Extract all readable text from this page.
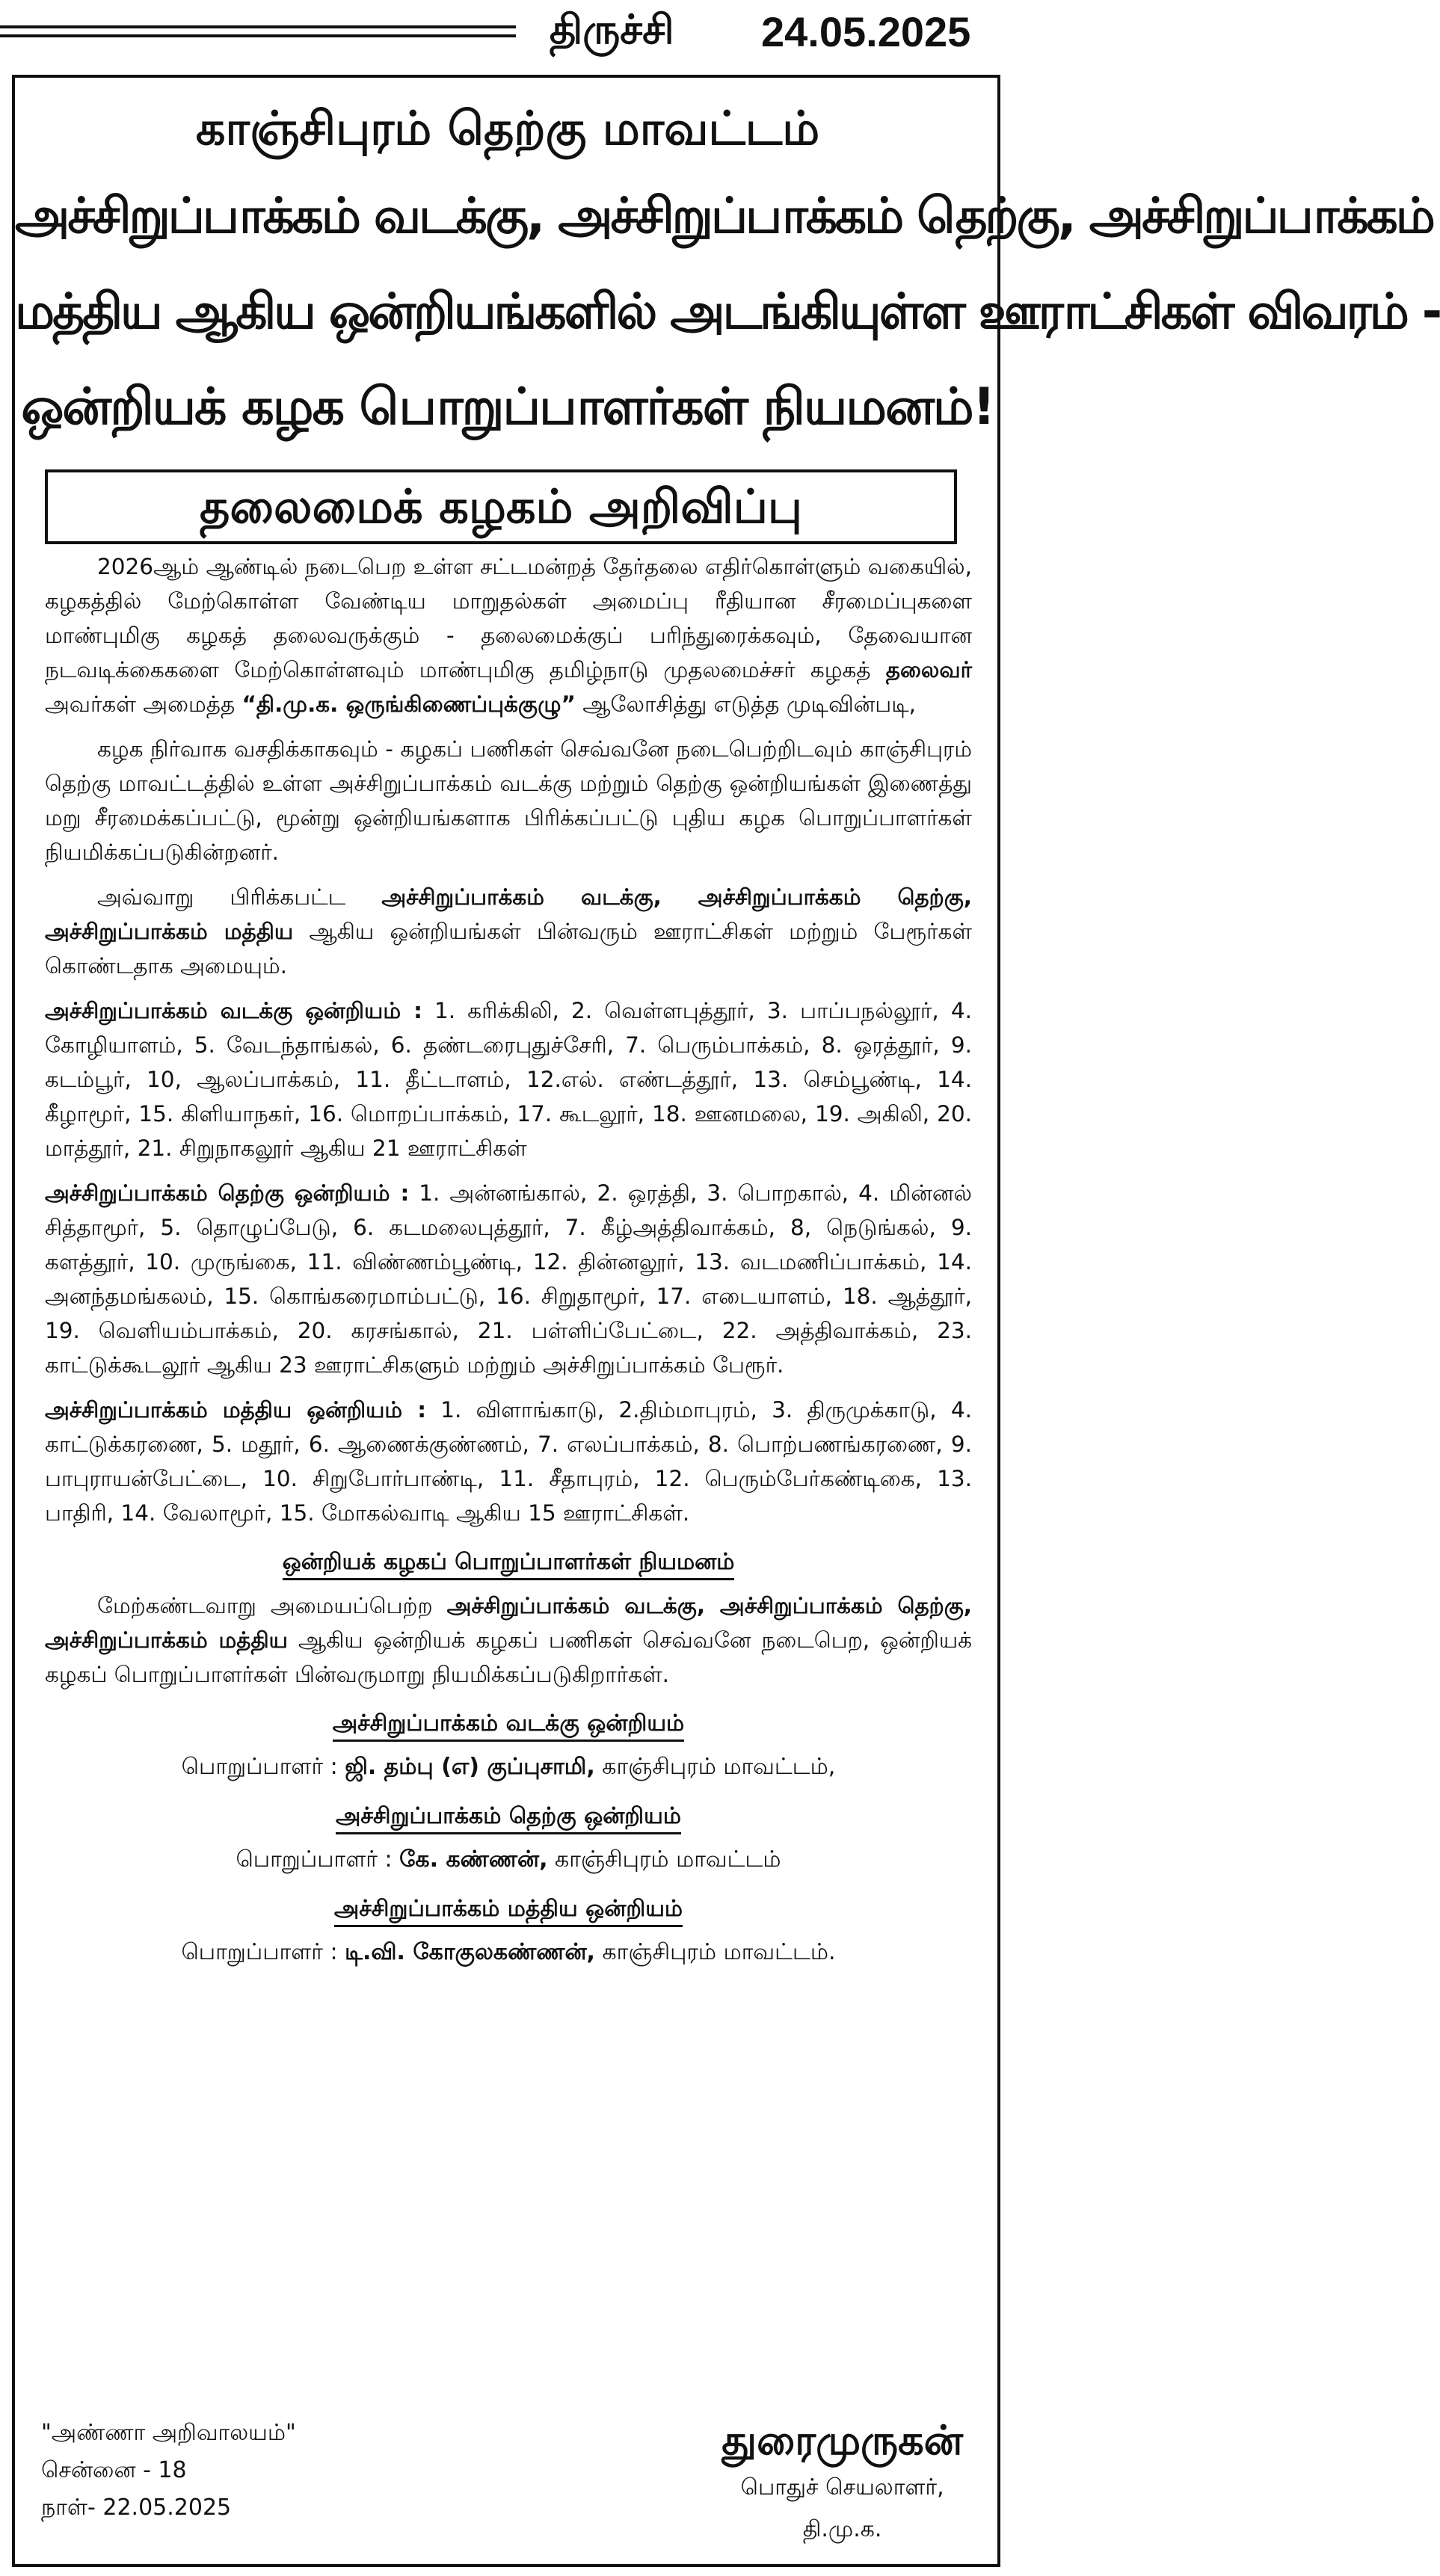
திருச்சி 24.05.2025
காஞ்சிபுரம் தெற்கு மாவட்டம்
அச்சிறுப்பாக்கம் வடக்கு, அச்சிறுப்பாக்கம் தெற்கு, அச்சிறுப்பாக்கம்
மத்திய ஆகிய ஒன்றியங்களில் அடங்கியுள்ள ஊராட்சிகள் விவரம் -
ஒன்றியக் கழக பொறுப்பாளர்கள் நியமனம்!
தலைமைக் கழகம் அறிவிப்பு

2026ஆம் ஆண்டில் நடைபெற உள்ள சட்டமன்றத் தேர்தலை எதிர்கொள்ளும் வகையில், கழகத்தில் மேற்கொள்ள வேண்டிய மாறுதல்கள் அமைப்பு ரீதியான சீரமைப்புகளை மாண்புமிகு கழகத் தலைவருக்கும் - தலைமைக்குப் பரிந்துரைக்கவும், தேவையான நடவடிக்கைகளை மேற்கொள்ளவும் மாண்புமிகு தமிழ்நாடு முதலமைச்சர் கழகத் தலைவர் அவர்கள் அமைத்த “தி.மு.க. ஒருங்கிணைப்புக்குழு” ஆலோசித்து எடுத்த முடிவின்படி,

கழக நிர்வாக வசதிக்காகவும் - கழகப் பணிகள் செவ்வனே நடைபெற்றிடவும் காஞ்சிபுரம் தெற்கு மாவட்டத்தில் உள்ள அச்சிறுப்பாக்கம் வடக்கு மற்றும் தெற்கு ஒன்றியங்கள் இணைத்து மறு சீரமைக்கப்பட்டு, மூன்று ஒன்றியங்களாக பிரிக்கப்பட்டு புதிய கழக பொறுப்பாளர்கள் நியமிக்கப்படுகின்றனர்.

அவ்வாறு பிரிக்கபட்ட அச்சிறுப்பாக்கம் வடக்கு, அச்சிறுப்பாக்கம் தெற்கு, அச்சிறுப்பாக்கம் மத்திய ஆகிய ஒன்றியங்கள் பின்வரும் ஊராட்சிகள் மற்றும் பேரூர்கள் கொண்டதாக அமையும்.

அச்சிறுப்பாக்கம் வடக்கு ஒன்றியம் : 1. கரிக்கிலி, 2. வெள்ளபுத்தூர், 3. பாப்பநல்லூர், 4. கோழியாளம், 5. வேடந்தாங்கல், 6. தண்டரைபுதுச்சேரி, 7. பெரும்பாக்கம், 8. ஒரத்தூர், 9. கடம்பூர், 10, ஆலப்பாக்கம், 11. தீட்டாளம், 12.எல். எண்டத்தூர், 13. செம்பூண்டி, 14. கீழாமூர், 15. கிளியாநகர், 16. மொறப்பாக்கம், 17. கூடலூர், 18. ஊனமலை, 19. அகிலி, 20. மாத்தூர், 21. சிறுநாகலூர் ஆகிய 21 ஊராட்சிகள்

அச்சிறுப்பாக்கம் தெற்கு ஒன்றியம் : 1. அன்னங்கால், 2. ஒரத்தி, 3. பொறகால், 4. மின்னல் சித்தாமூர், 5. தொழுப்பேடு, 6. கடமலைபுத்தூர், 7. கீழ்அத்திவாக்கம், 8, நெடுங்கல், 9. களத்தூர், 10. முருங்கை, 11. விண்ணம்பூண்டி, 12. தின்னலூர், 13. வடமணிப்பாக்கம், 14. அனந்தமங்கலம், 15. கொங்கரைமாம்பட்டு, 16. சிறுதாமூர், 17. எடையாளம், 18. ஆத்தூர், 19. வெளியம்பாக்கம், 20. கரசங்கால், 21. பள்ளிப்பேட்டை, 22. அத்திவாக்கம், 23. காட்டுக்கூடலூர் ஆகிய 23 ஊராட்சிகளும் மற்றும் அச்சிறுப்பாக்கம் பேரூர்.

அச்சிறுப்பாக்கம் மத்திய ஒன்றியம் : 1. விளாங்காடு, 2.திம்மாபுரம், 3. திருமுக்காடு, 4. காட்டுக்கரணை, 5. மதூர், 6. ஆணைக்குண்ணம், 7. எலப்பாக்கம், 8. பொற்பணங்கரணை, 9. பாபுராயன்பேட்டை, 10. சிறுபோர்பாண்டி, 11. சீதாபுரம், 12. பெரும்பேர்கண்டிகை, 13. பாதிரி, 14. வேலாமூர், 15. மோகல்வாடி ஆகிய 15 ஊராட்சிகள்.

ஒன்றியக் கழகப் பொறுப்பாளர்கள் நியமனம்

மேற்கண்டவாறு அமையப்பெற்ற அச்சிறுப்பாக்கம் வடக்கு, அச்சிறுப்பாக்கம் தெற்கு, அச்சிறுப்பாக்கம் மத்திய ஆகிய ஒன்றியக் கழகப் பணிகள் செவ்வனே நடைபெற, ஒன்றியக் கழகப் பொறுப்பாளர்கள் பின்வருமாறு நியமிக்கப்படுகிறார்கள்.

அச்சிறுப்பாக்கம் வடக்கு ஒன்றியம்
பொறுப்பாளர் : ஜி. தம்பு (எ) குப்புசாமி, காஞ்சிபுரம் மாவட்டம்,
அச்சிறுப்பாக்கம் தெற்கு ஒன்றியம்
பொறுப்பாளர் : கே. கண்ணன், காஞ்சிபுரம் மாவட்டம்
அச்சிறுப்பாக்கம் மத்திய ஒன்றியம்
பொறுப்பாளர் : டி.வி. கோகுலகண்ணன், காஞ்சிபுரம் மாவட்டம்.
"அண்ணா அறிவாலயம்"
சென்னை - 18
நாள்- 22.05.2025
துரைமுருகன்
பொதுச் செயலாளர்,
தி.மு.க.
